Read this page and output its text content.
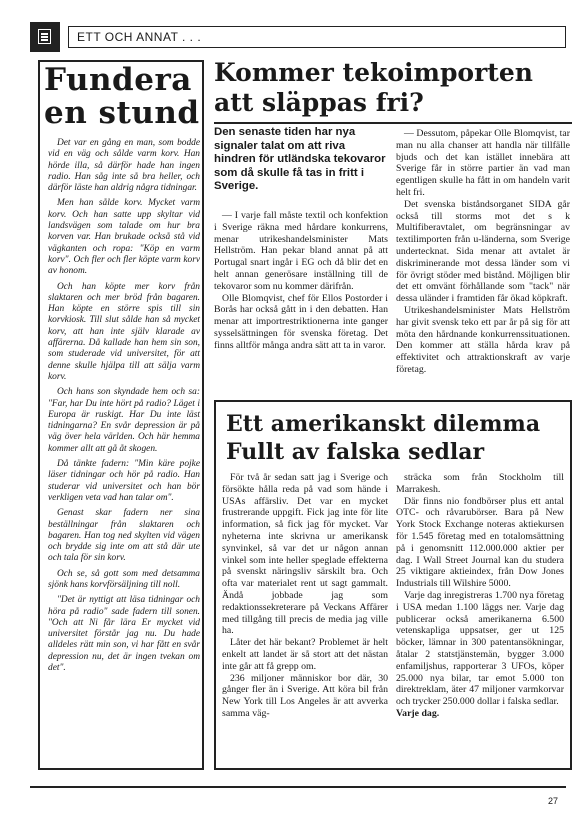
ETT OCH ANNAT . . .
Fundera en stund

Det var en gång en man, som bodde vid en väg och sålde varm korv. Han hörde illa, så därför hade han ingen radio. Han såg inte så bra heller, och därför läste han aldrig några tidningar.

Men han sålde korv. Mycket varm korv. Och han satte upp skyltar vid landsvägen som talade om hur bra korven var. Han brukade också stå vid vägkanten och ropa: "Köp en varm korv". Och fler och fler köpte varm korv av honom.

Och han köpte mer korv från slaktaren och mer bröd från bagaren. Han köpte en större spis till sin korvkiosk. Till slut sålde han så mycket korv, att han inte själv klarade av affärerna. Då kallade han hem sin son, som studerade vid universitet, för att denne skulle hjälpa till att sälja varm korv.

Och hans son skyndade hem och sa: "Far, har Du inte hört på radio? Läget i Europa är ruskigt. Har Du inte läst tidningarna? En svår depression är på väg över hela världen. Och här hemma kommer allt att gå åt skogen.

Då tänkte fadern: "Min käre pojke läser tidningar och hör på radio. Han studerar vid universitet och han bör verkligen veta vad han talar om".

Genast skar fadern ner sina beställningar från slaktaren och bagaren. Han tog ned skylten vid vägen och brydde sig inte om att stå där ute och tala för sin korv.

Och se, så gott som med detsamma sjönk hans korvförsäljning till noll.

"Det är nyttigt att läsa tidningar och höra på radio" sade fadern till sonen. "Och att Ni får lära Er mycket vid universitet förstår jag nu. Du hade alldeles rätt min son, vi har fått en svår depression nu, det är ingen tvekan om det".

Kommer tekoimporten att släppas fri?
Den senaste tiden har nya signaler talat om att riva hindren för utländska tekovaror som då skulle få tas in fritt i Sverige.

— I varje fall måste textil och konfektion i Sverige räkna med hårdare konkurrens, menar utrikeshandelsminister Mats Hellström. Han pekar bland annat på att Portugal snart ingår i EG och då blir det en helt annan generösare inställning till de tekovaror som nu kommer därifrån.

Olle Blomqvist, chef för Ellos Postorder i Borås har också gått in i den debatten. Han menar att importrestriktionerna inte ganger sysselsättningen för svenska företag. Det finns alltför många andra sätt att ta in varor.

— Dessutom, påpekar Olle Blomqvist, tar man nu alla chanser att handla när tillfälle bjuds och det kan istället innebära att Sverige får in större partier än vad man egentligen skulle ha fått in om handeln varit helt fri.

Det svenska biståndsorganet SIDA går också till storms mot det s k Multifiberavtalet, om begränsningar av textilimporten från u-länderna, som Sverige undertecknat. Sida menar att avtalet är diskriminerande mot dessa länder som vi för övrigt stöder med bistånd. Möjligen blir det ett omvänt förhållande som "tack" när dessa uländer i framtiden får ökad köpkraft.

Utrikeshandelsminister Mats Hellström har givit svensk teko ett par år på sig för att möta den hårdnande konkurrenssituationen. Den kommer att ställa hårda krav på effektivitet och attraktionskraft av varje företag.

Ett amerikanskt dilemma
Fullt av falska sedlar

För två år sedan satt jag i Sverige och försökte hålla reda på vad som hände i USAs affärsliv. Det var en mycket frustrerande uppgift. Fick jag inte för lite information, så fick jag för mycket. Var nyheterna inte skrivna ur amerikansk synvinkel, så var det ur någon annan vinkel som inte heller speglade effekterna på svenskt näringsliv särskilt bra. Och ofta var materialet rent ut sagt gammalt. Ändå jobbade jag som redaktionssekreterare på Veckans Affärer med tillgång till precis de media jag ville ha.

Låter det här bekant? Problemet är helt enkelt att landet är så stort att det nästan inte går att få grepp om.

236 miljoner människor bor där, 30 gånger fler än i Sverige. Att köra bil från New York till Los Angeles är att avverka samma väg-

sträcka som från Stockholm till Marrakesh.

Där finns nio fondbörser plus ett antal OTC- och råvarubörser. Bara på New York Stock Exchange noteras aktiekursen för 1.545 företag med en totalomsättning på i genomsnitt 112.000.000 aktier per dag. I Wall Street Journal kan du studera 25 viktigare aktieindex, från Dow Jones Industrials till Wilshire 5000.

Varje dag inregistreras 1.700 nya företag i USA medan 1.100 läggs ner. Varje dag publicerar också amerikanerna 6.500 vetenskapliga uppsatser, ger ut 125 böcker, lämnar in 300 patentansökningar, åtalar 2 statstjänstemän, bygger 3.000 enfamiljshus, rapporterar 3 UFOs, köper 25.000 nya bilar, tar emot 5.000 ton direktreklam, äter 47 miljoner varmkorvar och trycker 250.000 dollar i falska sedlar.

Varje dag.
27
